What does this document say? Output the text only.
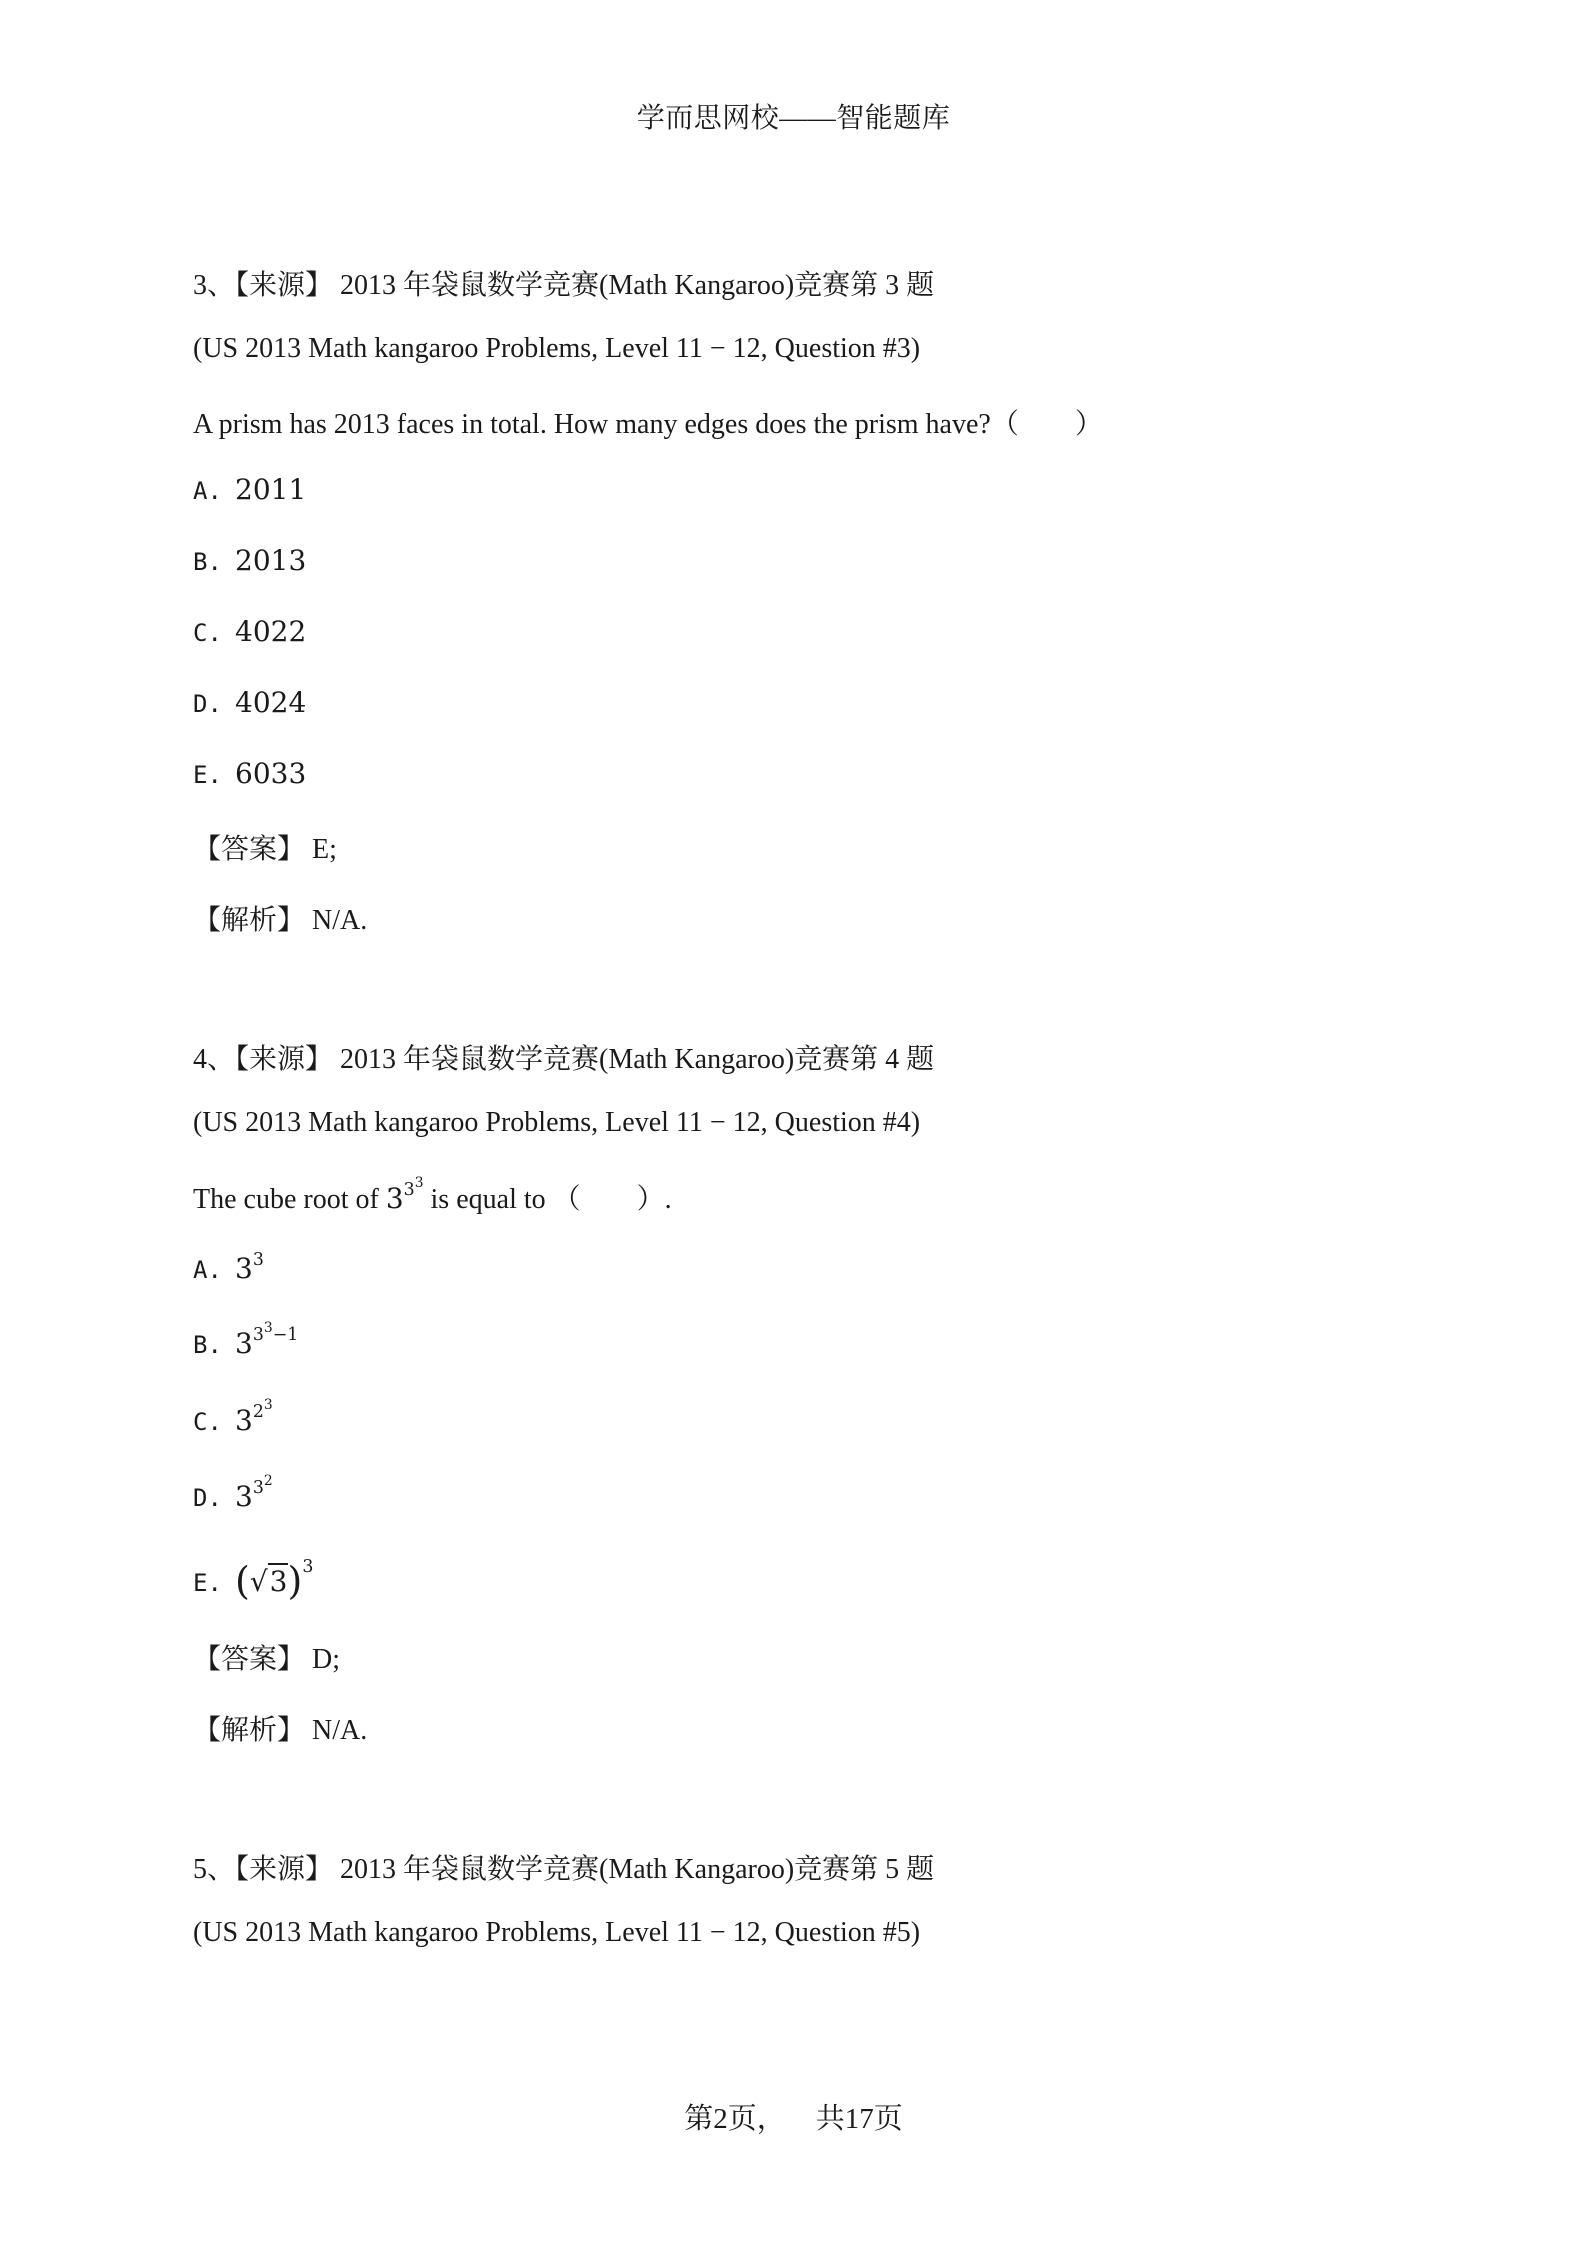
学而思网校——智能题库
3、【来源】 2013 年袋鼠数学竞赛(Math Kangaroo)竞赛第 3 题
(US 2013 Math kangaroo Problems, Level 11 − 12, Question #3)
A prism has 2013 faces in total. How many edges does the prism have?（　　）
A. 2011
B. 2013
C. 4022
D. 4024
E. 6033
【答案】 E;
【解析】 N/A.
4、【来源】 2013 年袋鼠数学竞赛(Math Kangaroo)竞赛第 4 题
(US 2013 Math kangaroo Problems, Level 11 − 12, Question #4)
The cube root of $3^{3^3}$ is equal to （　　）.
A. $3^3$
B. $3^{3^3-1}$
C. $3^{2^3}$
D. $3^{3^2}$
E. $(√3)^3$
【答案】 D;
【解析】 N/A.
5、【来源】 2013 年袋鼠数学竞赛(Math Kangaroo)竞赛第 5 题
(US 2013 Math kangaroo Problems, Level 11 − 12, Question #5)
第2页， 共17页
